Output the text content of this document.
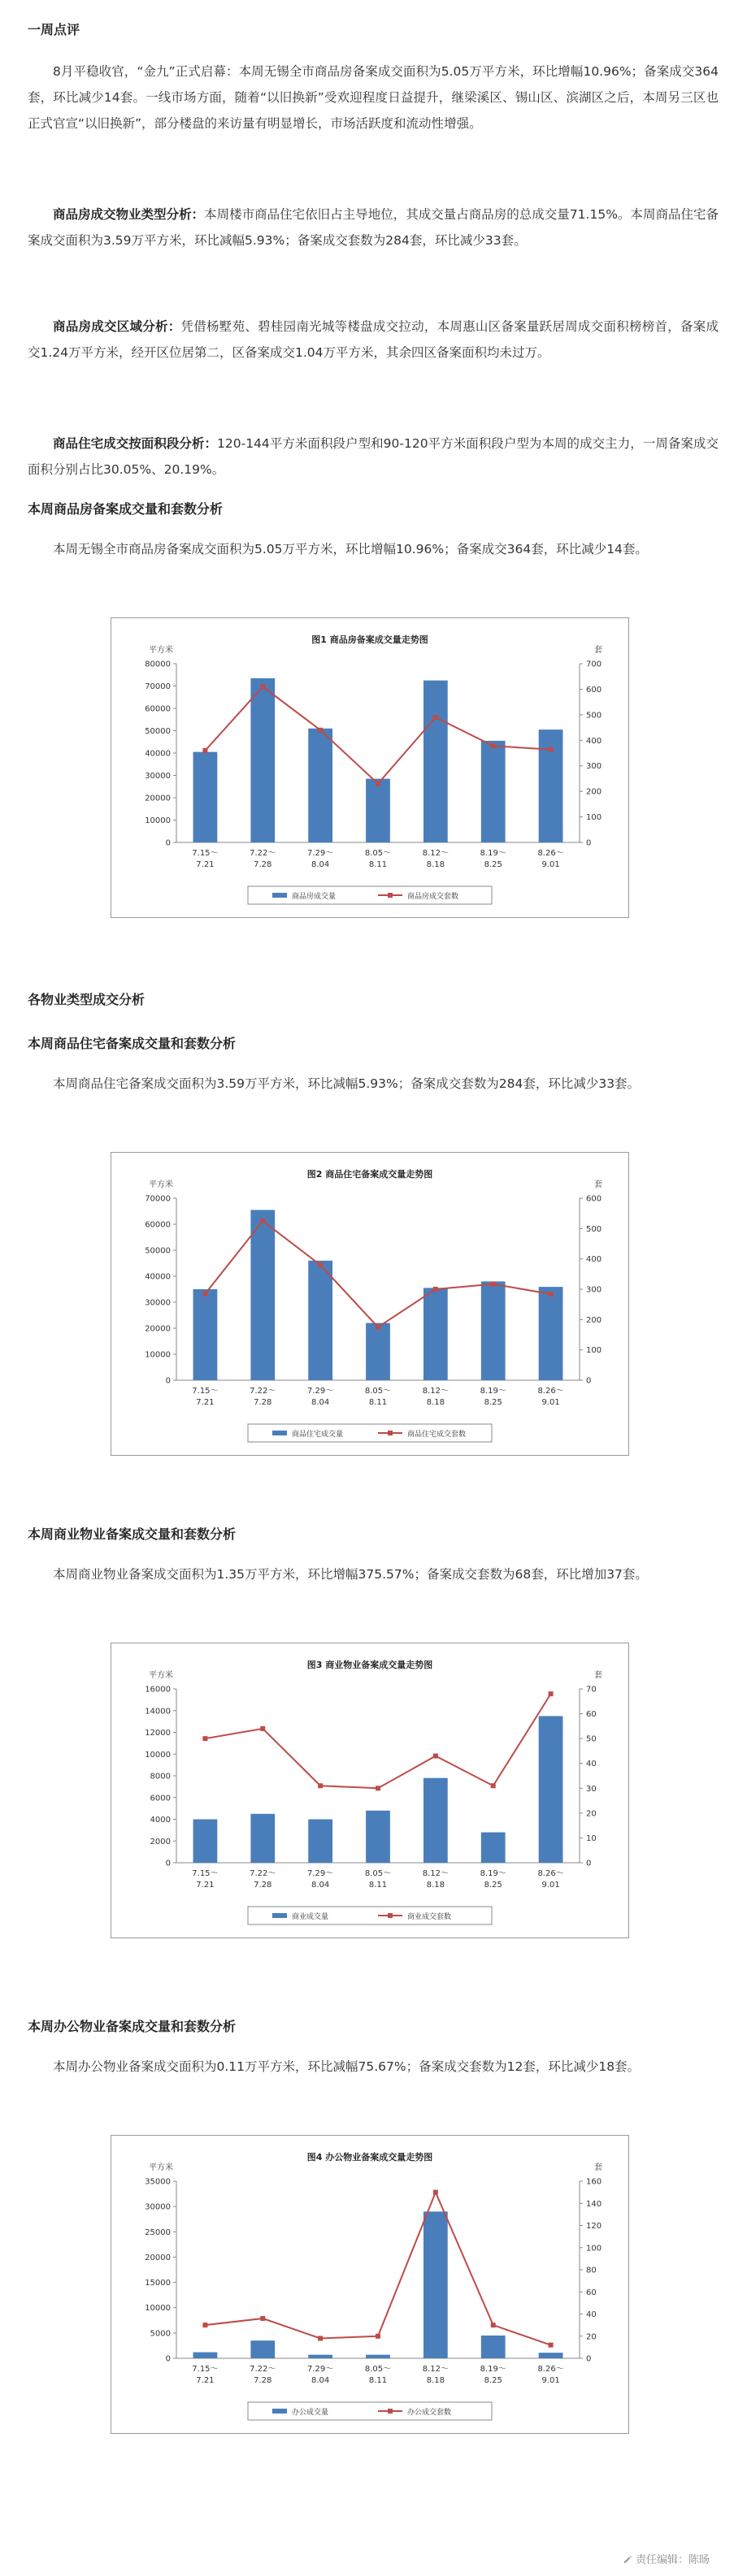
一周点评

8月平稳收官，“金九”正式启幕：本周无锡全市商品房备案成交面积为5.05万平方米，环比增幅10.96%；备案成交364套，环比减少14套。一线市场方面，随着“以旧换新”受欢迎程度日益提升，继梁溪区、锡山区、滨湖区之后，本周另三区也正式官宣“以旧换新”，部分楼盘的来访量有明显增长，市场活跃度和流动性增强。

商品房成交物业类型分析：本周楼市商品住宅依旧占主导地位，其成交量占商品房的总成交量71.15%。本周商品住宅备案成交面积为3.59万平方米，环比减幅5.93%；备案成交套数为284套，环比减少33套。

商品房成交区域分析：凭借杨墅苑、碧桂园南光城等楼盘成交拉动，本周惠山区备案量跃居周成交面积榜榜首，备案成交1.24万平方米，经开区位居第二，区备案成交1.04万平方米，其余四区备案面积均未过万。

商品住宅成交按面积段分析：120-144平方米面积段户型和90-120平方米面积段户型为本周的成交主力，一周备案成交面积分别占比30.05%、20.19%。

本周商品房备案成交量和套数分析

本周无锡全市商品房备案成交面积为5.05万平方米，环比增幅10.96%；备案成交364套，环比减少14套。

图1 商品房备案成交量走势图
平方米	套
0
10000
20000
30000
40000
50000
60000
70000
80000
0
100
200
300
400
500
600
700
7.15～
7.21
7.22～
7.28
7.29～
8.04
8.05～
8.11
8.12～
8.18
8.19～
8.25
8.26～
9.01
商品房成交量	商品房成交套数
各物业类型成交分析
本周商品住宅备案成交量和套数分析

本周商品住宅备案成交面积为3.59万平方米，环比减幅5.93%；备案成交套数为284套，环比减少33套。

图2 商品住宅备案成交量走势图
平方米	套
0
10000
20000
30000
40000
50000
60000
70000
0
100
200
300
400
500
600
7.15～
7.21
7.22～
7.28
7.29～
8.04
8.05～
8.11
8.12～
8.18
8.19～
8.25
8.26～
9.01
商品住宅成交量	商品住宅成交套数
本周商业物业备案成交量和套数分析

本周商业物业备案成交面积为1.35万平方米，环比增幅375.57%；备案成交套数为68套，环比增加37套。

图3 商业物业备案成交量走势图
平方米	套
0
2000
4000
6000
8000
10000
12000
14000
16000
0
10
20
30
40
50
60
70
7.15～
7.21
7.22～
7.28
7.29～
8.04
8.05～
8.11
8.12～
8.18
8.19～
8.25
8.26～
9.01
商业成交量	商业成交套数
本周办公物业备案成交量和套数分析

本周办公物业备案成交面积为0.11万平方米，环比减幅75.67%；备案成交套数为12套，环比减少18套。

图4 办公物业备案成交量走势图
平方米	套
0
5000
10000
15000
20000
25000
30000
35000
0
20
40
60
80
100
120
140
160
7.15～
7.21
7.22～
7.28
7.29～
8.04
8.05～
8.11
8.12～
8.18
8.19～
8.25
8.26～
9.01
办公成交量	办公成交套数
责任编辑：陈旸
